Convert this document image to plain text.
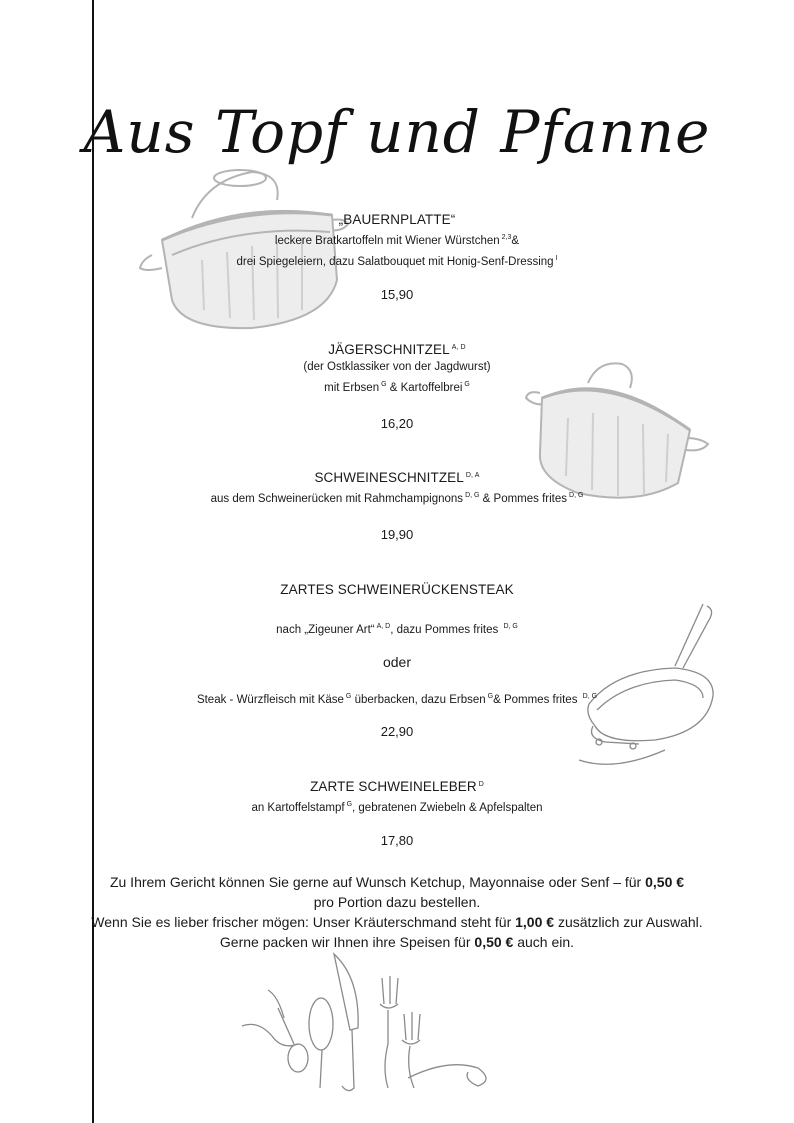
Aus Topf und Pfanne
„BAUERNPLATTE“
leckere Bratkartoffeln mit Wiener Würstchen $^{2,3}$&
drei Spiegeleiern, dazu Salatbouquet mit Honig-Senf-Dressing $^I$
15,90
JÄGERSCHNITZEL $^{A, D}$
(der Ostklassiker von der Jagdwurst)
mit Erbsen $^G$ & Kartoffelbrei $^G$
16,20
SCHWEINESCHNITZEL $^{D, A}$
aus dem Schweinerücken mit Rahmchampignons $^{D, G}$ & Pommes frites $^{D, G}$
19,90
ZARTES SCHWEINERÜCKENSTEAK
nach „Zigeuner Art“ $^{A, D}$, dazu Pommes frites $^{D, G}$
oder
Steak - Würzfleisch mit Käse $^G$ überbacken, dazu Erbsen $^G$& Pommes frites $^{D, G}$
22,90
ZARTE SCHWEINELEBER $^D$
an Kartoffelstampf $^G$, gebratenen Zwiebeln & Apfelspalten
17,80
Zu Ihrem Gericht können Sie gerne auf Wunsch Ketchup, Mayonnaise oder Senf – für 0,50 €
pro Portion dazu bestellen.
Wenn Sie es lieber frischer mögen: Unser Kräuterschmand steht für 1,00 € zusätzlich zur Auswahl.
Gerne packen wir Ihnen ihre Speisen für 0,50 € auch ein.
